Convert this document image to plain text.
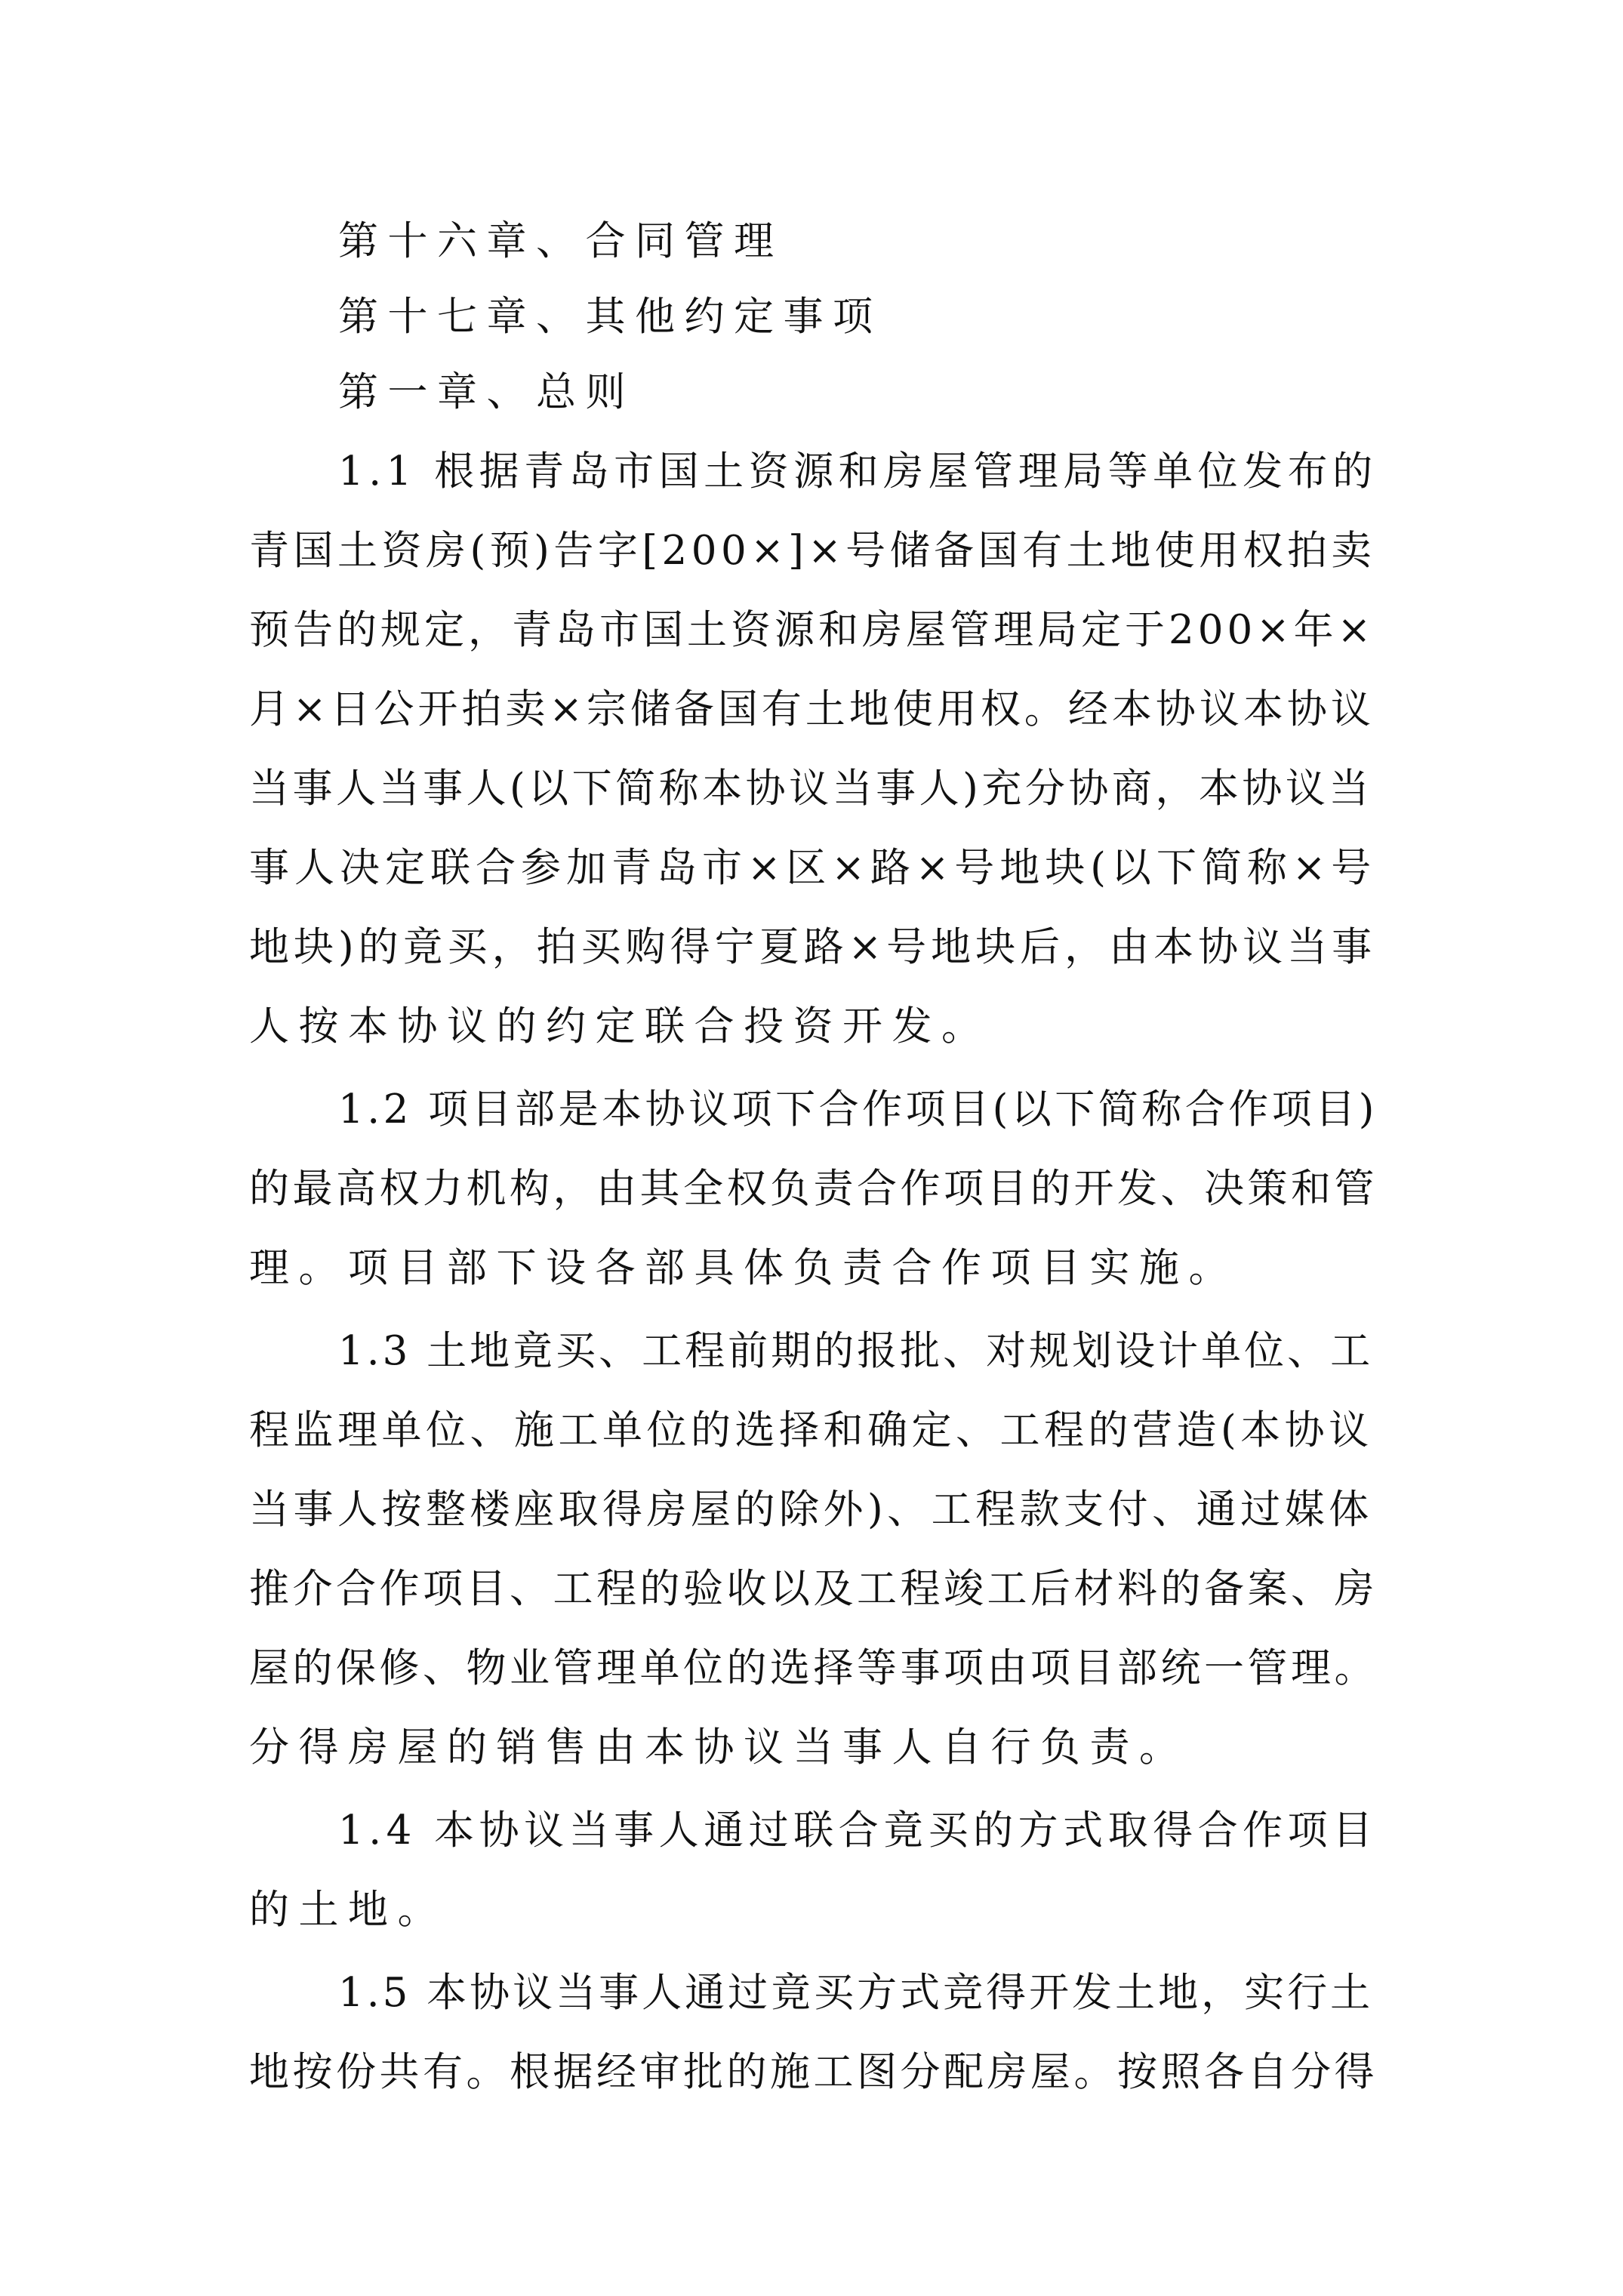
第十六章、合同管理
第十七章、其他约定事项
第一章、总则
1.1 根据青岛市国土资源和房屋管理局等单位发布的
青国土资房(预)告字[200×]×号储备国有土地使用权拍卖
预告的规定，青岛市国土资源和房屋管理局定于200×年×
月×日公开拍卖×宗储备国有土地使用权。经本协议本协议
当事人当事人(以下简称本协议当事人)充分协商，本协议当
事人决定联合参加青岛市×区×路×号地块(以下简称×号
地块)的竟买，拍买购得宁夏路×号地块后，由本协议当事
人按本协议的约定联合投资开发。
1.2 项目部是本协议项下合作项目(以下简称合作项目)
的最高权力机构，由其全权负责合作项目的开发、决策和管
理。项目部下设各部具体负责合作项目实施。
1.3 土地竟买、工程前期的报批、对规划设计单位、工
程监理单位、施工单位的选择和确定、工程的营造(本协议
当事人按整楼座取得房屋的除外)、工程款支付、通过媒体
推介合作项目、工程的验收以及工程竣工后材料的备案、房
屋的保修、物业管理单位的选择等事项由项目部统一管理。
分得房屋的销售由本协议当事人自行负责。
1.4 本协议当事人通过联合竟买的方式取得合作项目
的土地。
1.5 本协议当事人通过竟买方式竞得开发土地，实行土
地按份共有。根据经审批的施工图分配房屋。按照各自分得
